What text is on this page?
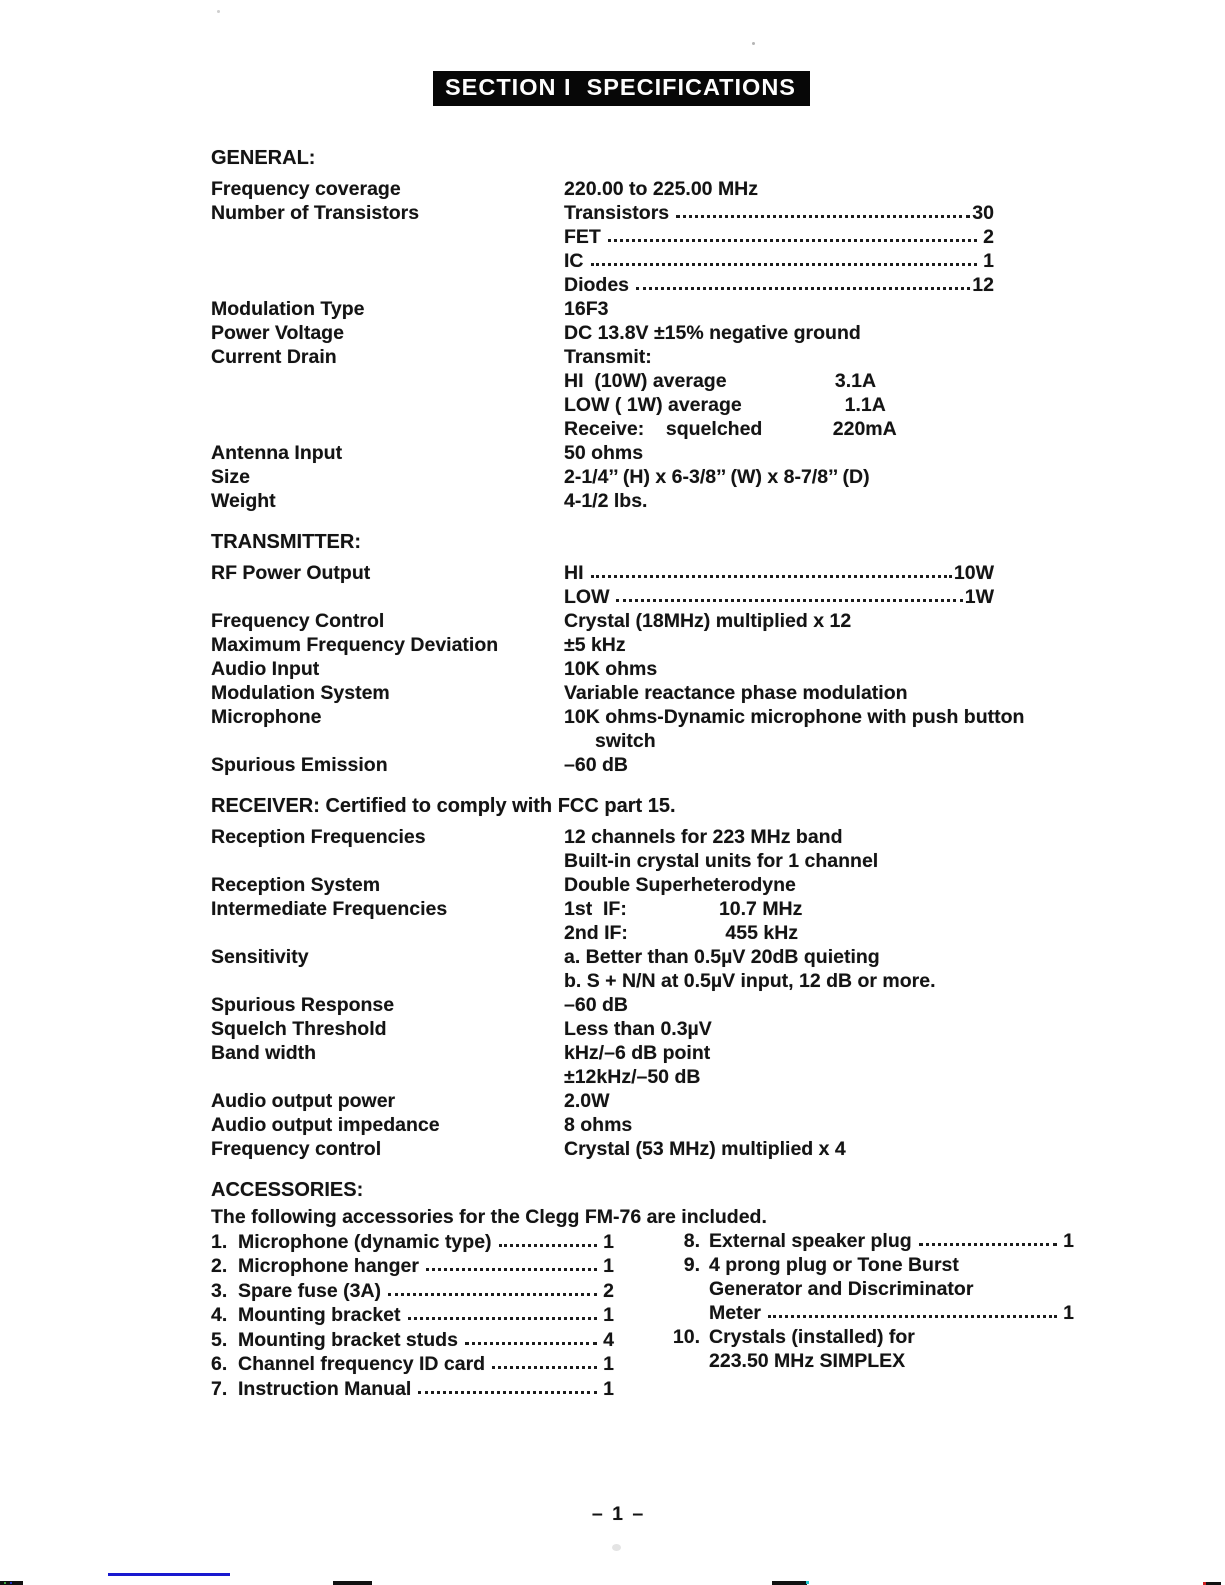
SECTION I  SPECIFICATIONS
GENERAL:
Frequency coverage	220.00 to 225.00 MHz
Number of Transistors	Transistors	30
FET	2
IC	1
Diodes	12
Modulation Type	16F3
Power Voltage	DC 13.8V ±15% negative ground
Current Drain	Transmit:
HI  (10W) average                    3.1A
LOW ( 1W) average                   1.1A
Receive:    squelched             220mA
Antenna Input	50 ohms
Size	2-1/4’’ (H) x 6-3/8’’ (W) x 8-7/8’’ (D)
Weight	4-1/2 lbs.
TRANSMITTER:
RF Power Output	HI	10W
LOW	1W
Frequency Control	Crystal (18MHz) multiplied x 12
Maximum Frequency Deviation	±5 kHz
Audio Input	10K ohms
Modulation System	Variable reactance phase modulation
Microphone	10K ohms-Dynamic microphone with push button
switch
Spurious Emission	–60 dB
RECEIVER: Certified to comply with FCC part 15.
Reception Frequencies	12 channels for 223 MHz band
Built-in crystal units for 1 channel
Reception System	Double Superheterodyne
Intermediate Frequencies	1st  IF:                 10.7 MHz
2nd IF:                  455 kHz
Sensitivity	a. Better than 0.5µV 20dB quieting
b. S + N/N at 0.5µV input, 12 dB or more.
Spurious Response	–60 dB
Squelch Threshold	Less than 0.3µV
Band width	kHz/–6 dB point
±12kHz/–50 dB
Audio output power	2.0W
Audio output impedance	8 ohms
Frequency control	Crystal (53 MHz) multiplied x 4
ACCESSORIES:
The following accessories for the Clegg FM-76 are included.
1. Microphone (dynamic type)	1
2. Microphone hanger	1
3. Spare fuse (3A)	2
4. Mounting bracket	1
5. Mounting bracket studs	4
6. Channel frequency ID card	1
7. Instruction Manual	1
8. External speaker plug	1
9. 4 prong plug or Tone Burst
Generator and Discriminator
Meter	1
10. Crystals (installed) for
223.50 MHz SIMPLEX
– 1 –
